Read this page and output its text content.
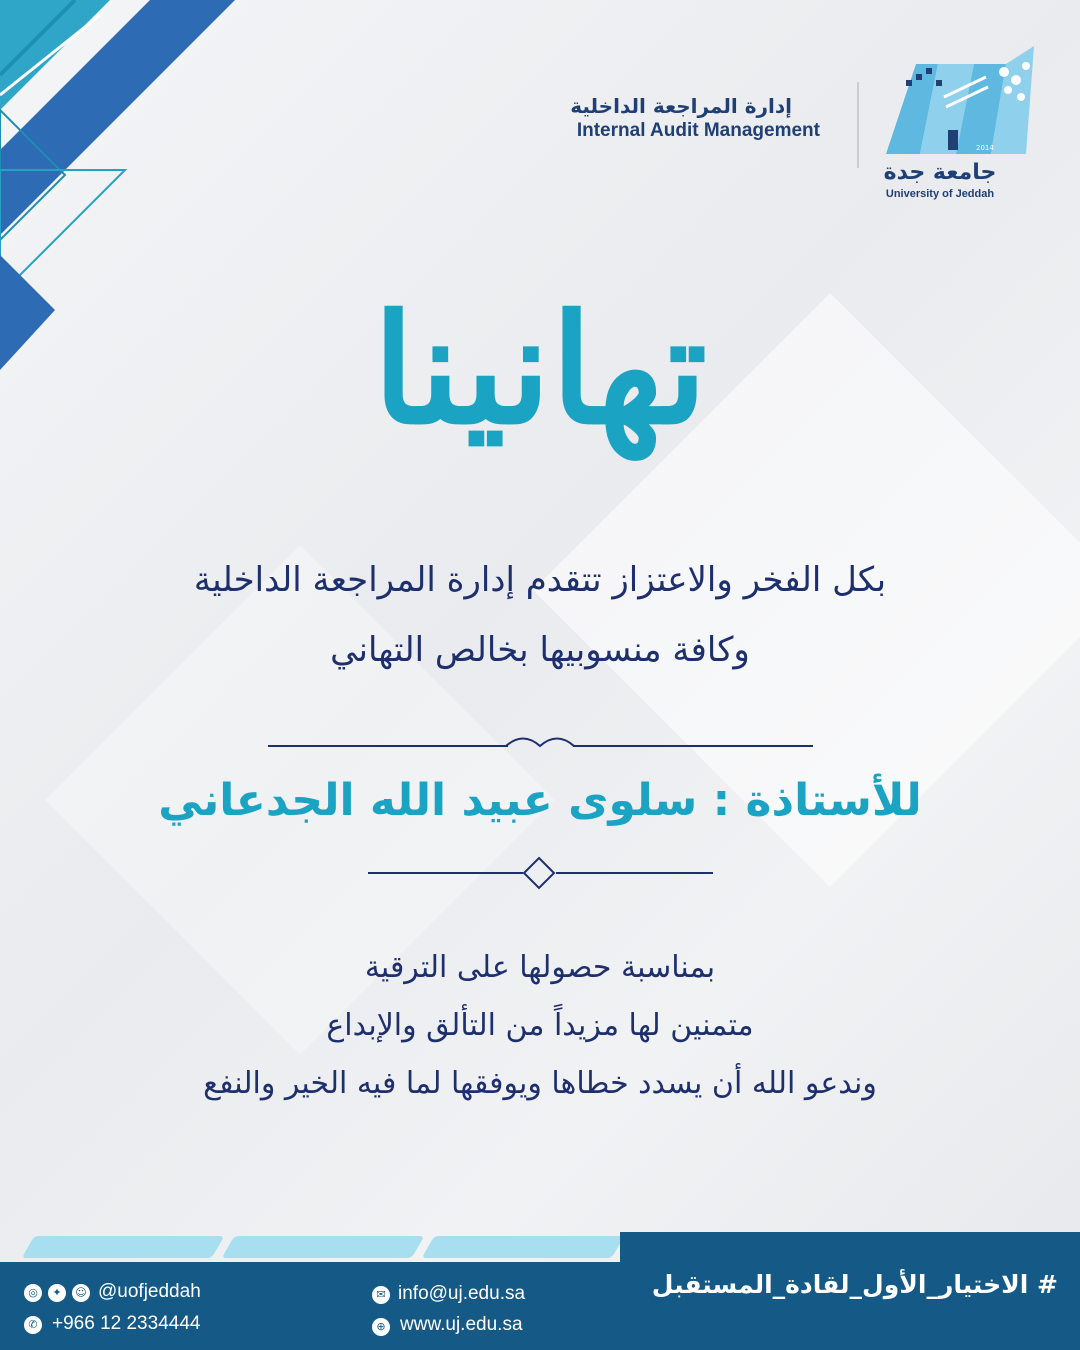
إدارة المراجعة الداخلية
Internal Audit Management
2014
جامعة جدة
University of Jeddah
تهانينا
بكل الفخر والاعتزاز تتقدم إدارة المراجعة الداخلية
وكافة منسوبيها بخالص التهاني
للأستاذة : سلوى عبيد الله الجدعاني
بمناسبة حصولها على الترقية
متمنين لها مزيداً من التألق والإبداع
وندعو الله أن يسدد خطاها ويوفقها لما فيه الخير والنفع
◎	✦	☺ @uofjeddah
✆ +966 12 2334444
✉ info@uj.edu.sa
⊕ www.uj.edu.sa
# الاختيار_الأول_لقادة_المستقبل
